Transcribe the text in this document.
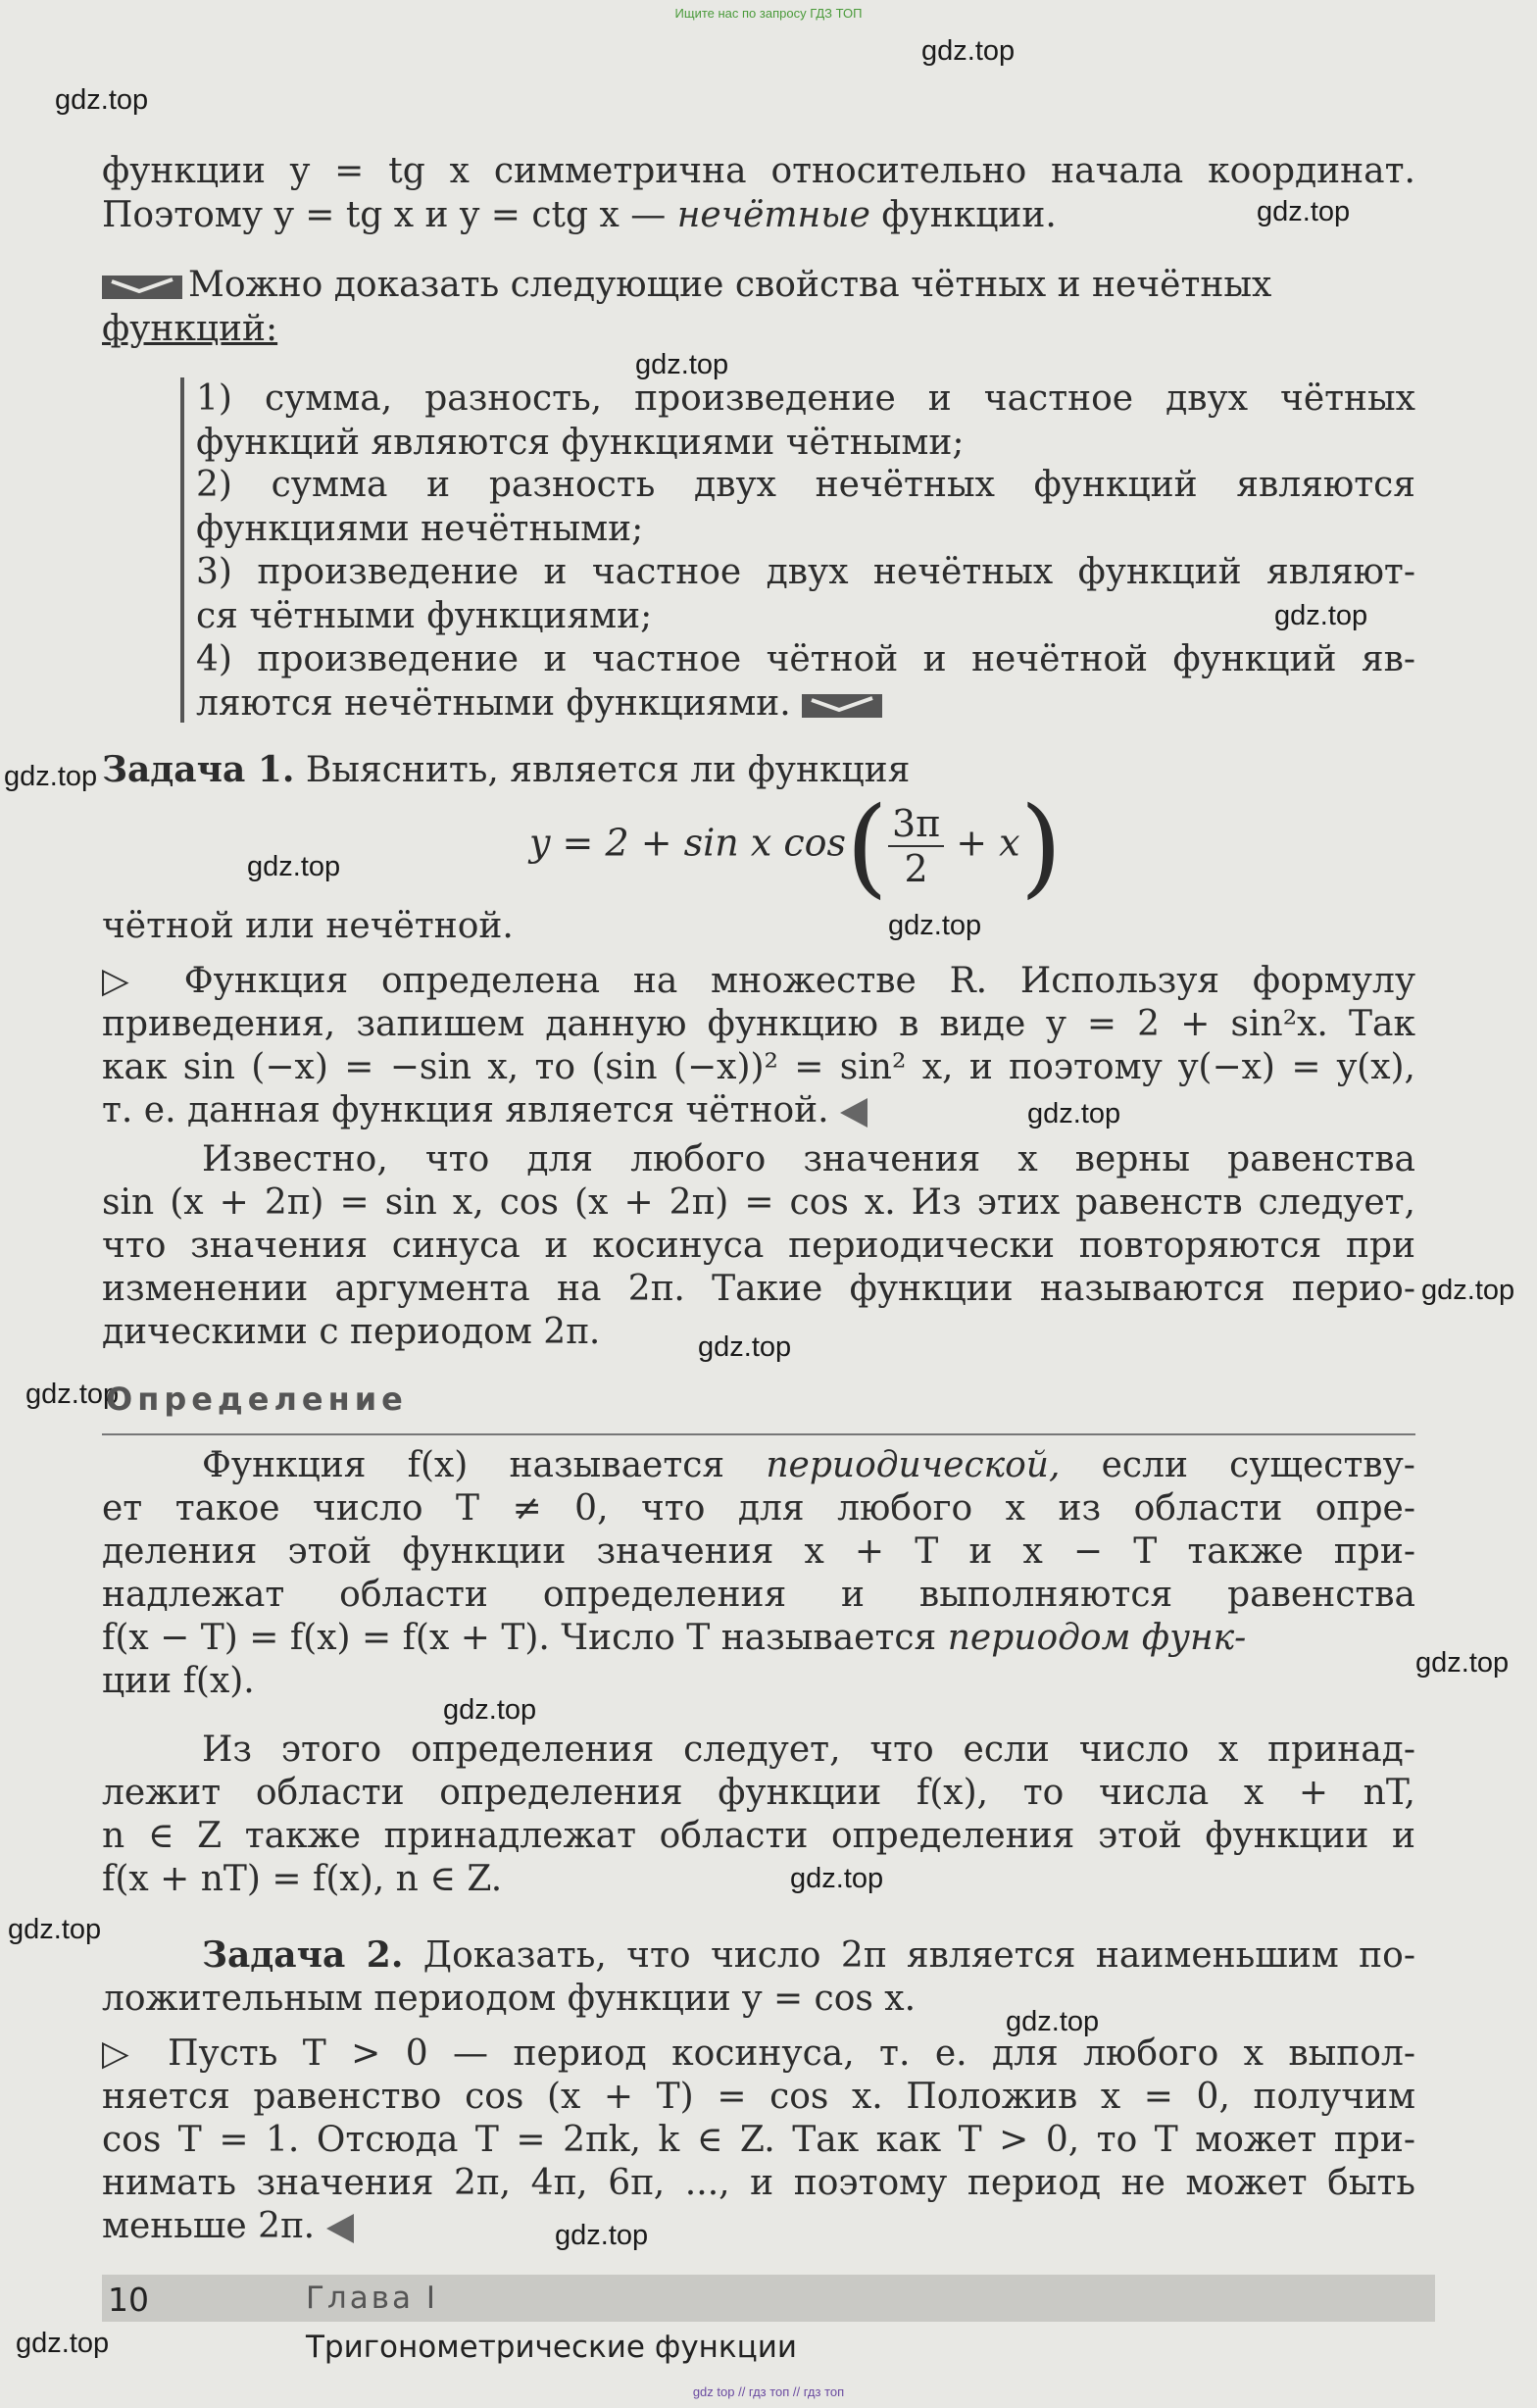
Ищите нас по запросу ГДЗ ТОП
gdz.top
gdz.top
gdz.top
gdz.top
gdz.top
gdz.top
gdz.top
gdz.top
gdz.top
gdz.top
gdz.top
gdz.top
gdz.top
gdz.top
gdz.top
gdz.top
gdz.top
gdz.top
gdz.top
функции y = tg x симметрична относительно начала координат.
Поэтому y = tg x и y = ctg x — нечётные функции.
Можно доказать следующие свойства чётных и нечётных
функций:
1) сумма, разность, произведение и частное двух чётных
функций являются функциями чётными;
2) сумма и разность двух нечётных функций являются
функциями нечётными;
3) произведение и частное двух нечётных функций являют-
ся чётными функциями;
4) произведение и частное чётной и нечётной функций яв-
ляются нечётными функциями.
Задача 1. Выяснить, является ли функция
y = 2 + sin x $\cos( \frac{3\pi}{2} + x)$
чётной или нечётной.
▷ Функция определена на множестве R. Используя формулу
приведения, запишем данную функцию в виде y = 2 + sin²x. Так
как sin (−x) = −sin x, то (sin (−x))² = sin² x, и поэтому y(−x) = y(x),
т. е. данная функция является чётной.
Известно, что для любого значения x верны равенства
sin (x + 2π) = sin x, cos (x + 2π) = cos x. Из этих равенств следует,
что значения синуса и косинуса периодически повторяются при
изменении аргумента на 2π. Такие функции называются перио-
дическими с периодом 2π.
Определение
Функция f(x) называется периодической, если существу-
ет такое число T ≠ 0, что для любого x из области опре-
деления этой функции значения x + T и x − T также при-
надлежат области определения и выполняются равенства
f(x − T) = f(x) = f(x + T). Число T называется периодом функ-
ции f(x).
Из этого определения следует, что если число x принад-
лежит области определения функции f(x), то числа x + nT,
n ∈ Z также принадлежат области определения этой функции и
f(x + nT) = f(x), n ∈ Z.
Задача 2. Доказать, что число 2π является наименьшим по-
ложительным периодом функции y = cos x.
▷ Пусть T > 0 — период косинуса, т. е. для любого x выпол-
няется равенство cos (x + T) = cos x. Положив x = 0, получим
cos T = 1. Отсюда T = 2πk, k ∈ Z. Так как T > 0, то T может при-
нимать значения 2π, 4π, 6π, ..., и поэтому период не может быть
меньше 2π.
10	Глава I
Тригонометрические функции
gdz top // гдз топ // гдз топ
